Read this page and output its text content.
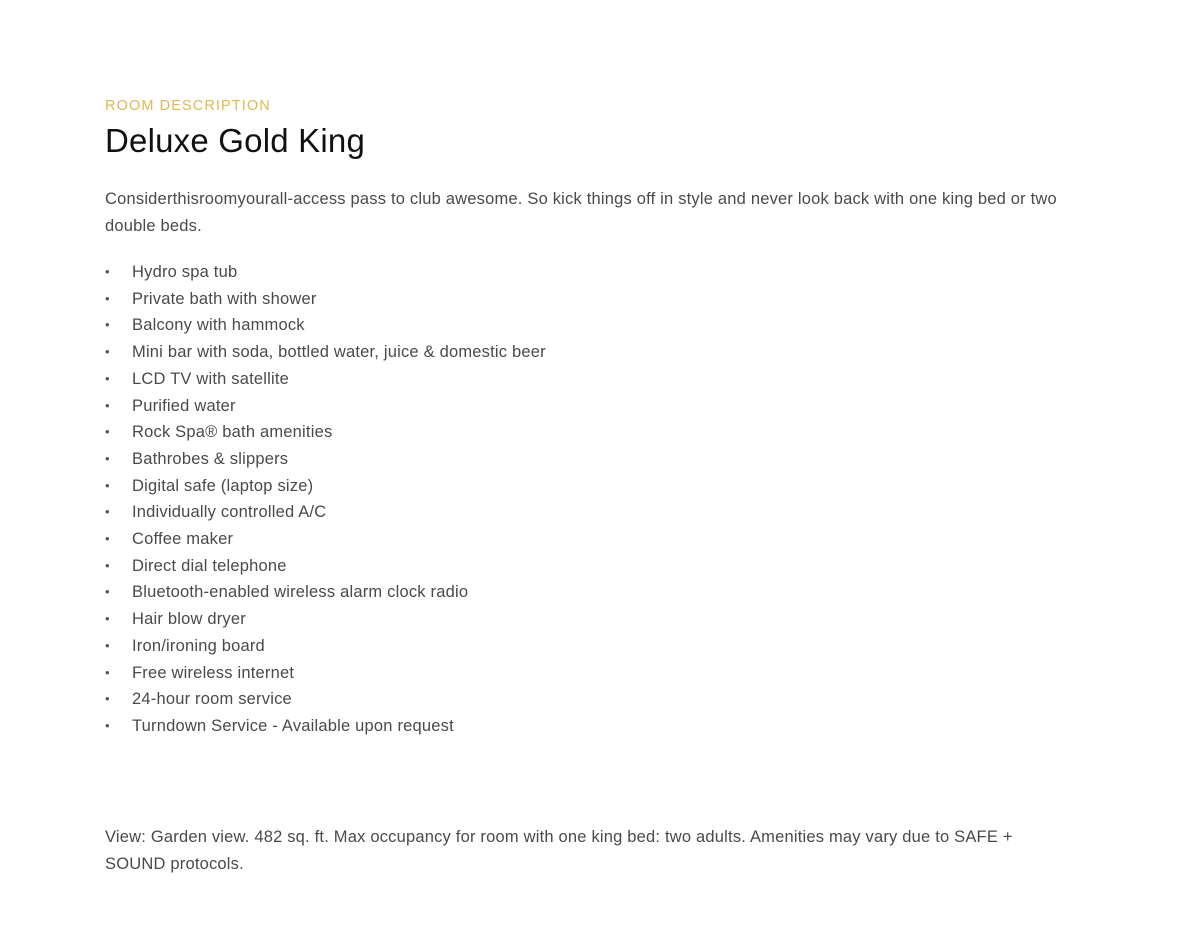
ROOM DESCRIPTION

Deluxe Gold King

Considerthisroomyourall-access pass to club awesome. So kick things off in style and never look back with one king bed or two double beds.

• Hydro spa tub
• Private bath with shower
• Balcony with hammock
• Mini bar with soda, bottled water, juice & domestic beer
• LCD TV with satellite
• Purified water
• Rock Spa® bath amenities
• Bathrobes & slippers
• Digital safe (laptop size)
• Individually controlled A/C
• Coffee maker
• Direct dial telephone
• Bluetooth-enabled wireless alarm clock radio
• Hair blow dryer
• Iron/ironing board
• Free wireless internet
• 24-hour room service
• Turndown Service - Available upon request

View: Garden view. 482 sq. ft. Max occupancy for room with one king bed: two adults. Amenities may vary due to SAFE + SOUND protocols.
